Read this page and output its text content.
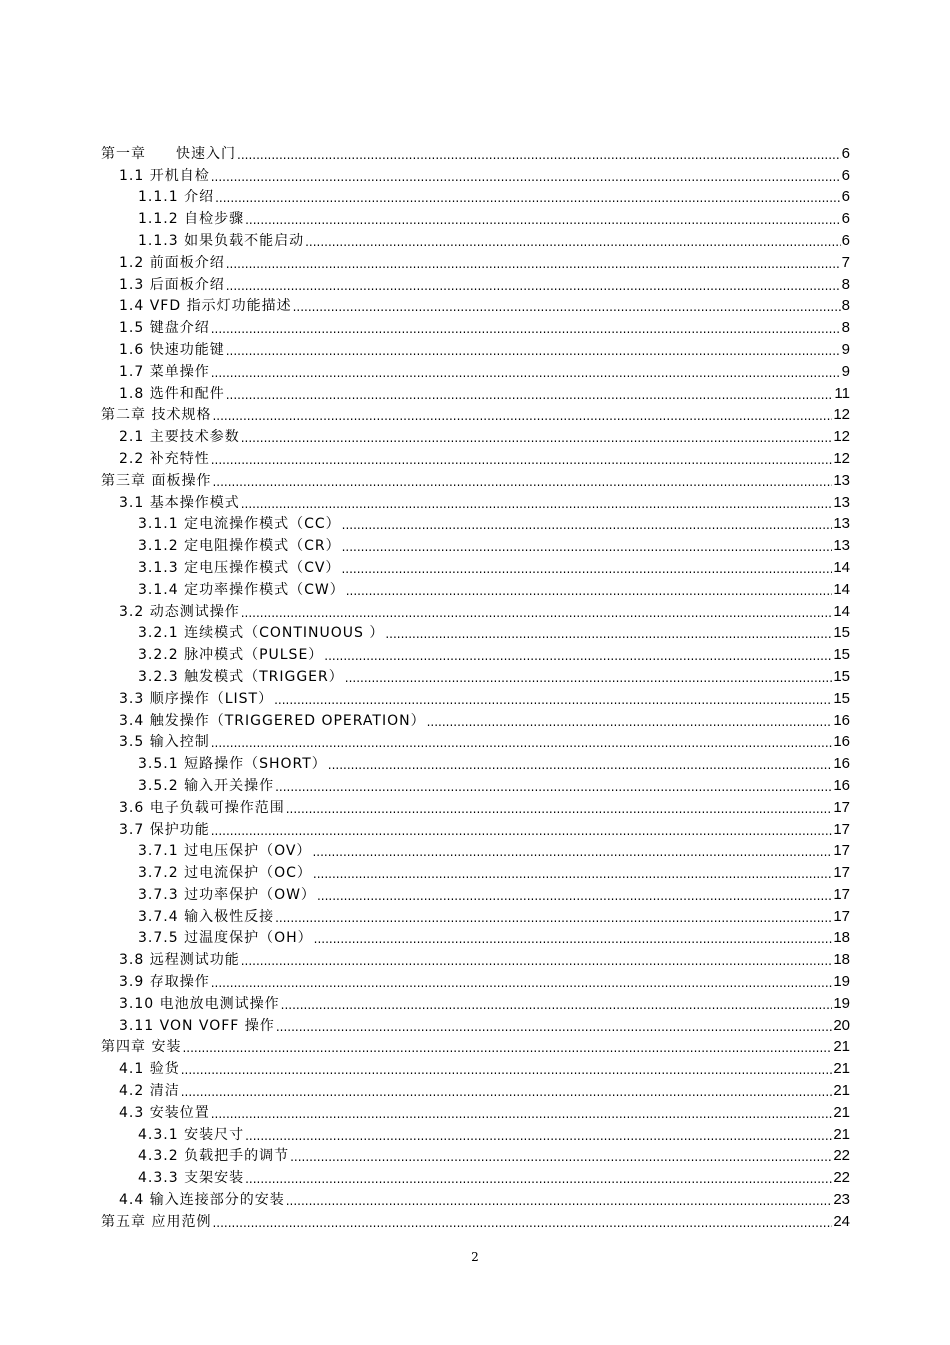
第一章　　快速入门 .....	6
1.1 开机自检 .....	6
1.1.1 介绍 .....	6
1.1.2 自检步骤 .....	6
1.1.3 如果负载不能启动 .....	6
1.2 前面板介绍 .....	7
1.3 后面板介绍 .....	8
1.4 VFD 指示灯功能描述 .....	8
1.5 键盘介绍 .....	8
1.6 快速功能键 .....	9
1.7 菜单操作 .....	9
1.8 选件和配件 .....	11
第二章 技术规格 .....	12
2.1 主要技术参数 .....	12
2.2 补充特性 .....	12
第三章 面板操作 .....	13
3.1 基本操作模式 .....	13
3.1.1 定电流操作模式（CC） .....	13
3.1.2 定电阻操作模式（CR） .....	13
3.1.3 定电压操作模式（CV） .....	14
3.1.4 定功率操作模式（CW） .....	14
3.2 动态测试操作 .....	14
3.2.1 连续模式（CONTINUOUS ） .....	15
3.2.2 脉冲模式（PULSE） .....	15
3.2.3 触发模式（TRIGGER） .....	15
3.3 顺序操作（LIST） .....	15
3.4 触发操作（TRIGGERED OPERATION） .....	16
3.5 输入控制 .....	16
3.5.1 短路操作（SHORT） .....	16
3.5.2 输入开关操作 .....	16
3.6 电子负载可操作范围 .....	17
3.7 保护功能 .....	17
3.7.1 过电压保护（OV） .....	17
3.7.2 过电流保护（OC） .....	17
3.7.3 过功率保护（OW） .....	17
3.7.4 输入极性反接 .....	17
3.7.5 过温度保护（OH） .....	18
3.8 远程测试功能 .....	18
3.9 存取操作 .....	19
3.10 电池放电测试操作 .....	19
3.11 VON VOFF 操作 .....	20
第四章 安装 .....	21
4.1 验货 .....	21
4.2 清洁 .....	21
4.3 安装位置 .....	21
4.3.1 安装尺寸 .....	21
4.3.2 负载把手的调节 .....	22
4.3.3 支架安装 .....	22
4.4 输入连接部分的安装 .....	23
第五章 应用范例 .....	24
2
